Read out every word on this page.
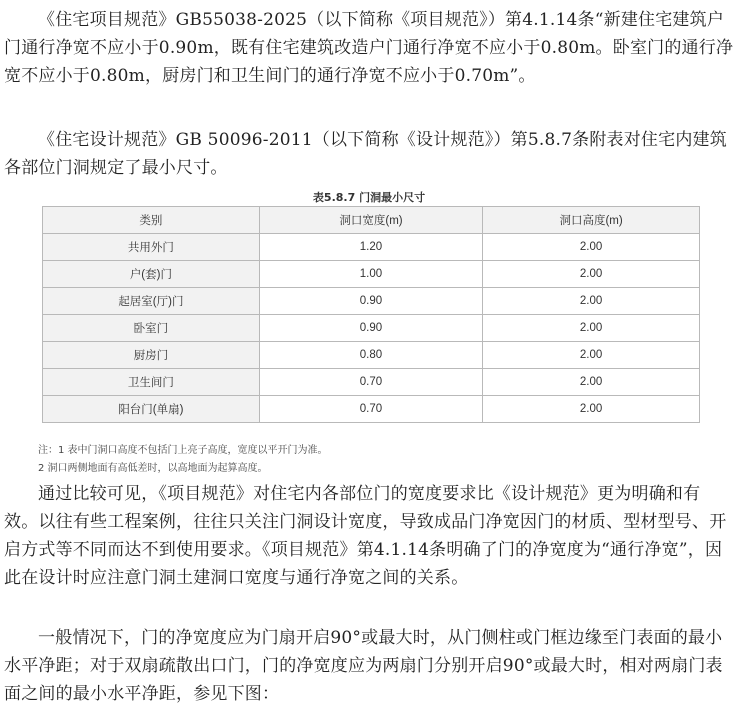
《住宅项目规范》GB55038-2025（以下简称《项目规范》）第4.1.14条“新建住宅建筑户门通行净宽不应小于0.90m，既有住宅建筑改造户门通行净宽不应小于0.80m。卧室门的通行净宽不应小于0.80m，厨房门和卫生间门的通行净宽不应小于0.70m”。

《住宅设计规范》GB 50096-2011（以下简称《设计规范》）第5.8.7条附表对住宅内建筑各部位门洞规定了最小尺寸。

表5.8.7 门洞最小尺寸
类别	洞口宽度(m)	洞口高度(m)
共用外门	1.20	2.00
户(套)门	1.00	2.00
起居室(厅)门	0.90	2.00
卧室门	0.90	2.00
厨房门	0.80	2.00
卫生间门	0.70	2.00
阳台门(单扇)	0.70	2.00
注：1 表中门洞口高度不包括门上亮子高度，宽度以平开门为准。
2 洞口两侧地面有高低差时，以高地面为起算高度。

通过比较可见，《项目规范》对住宅内各部位门的宽度要求比《设计规范》更为明确和有效。以往有些工程案例，往往只关注门洞设计宽度，导致成品门净宽因门的材质、型材型号、开启方式等不同而达不到使用要求。《项目规范》第4.1.14条明确了门的净宽度为“通行净宽”，因此在设计时应注意门洞土建洞口宽度与通行净宽之间的关系。

一般情况下，门的净宽度应为门扇开启90°或最大时，从门侧柱或门框边缘至门表面的最小水平净距；对于双扇疏散出口门，门的净宽度应为两扇门分别开启90°或最大时，相对两扇门表面之间的最小水平净距，参见下图：
